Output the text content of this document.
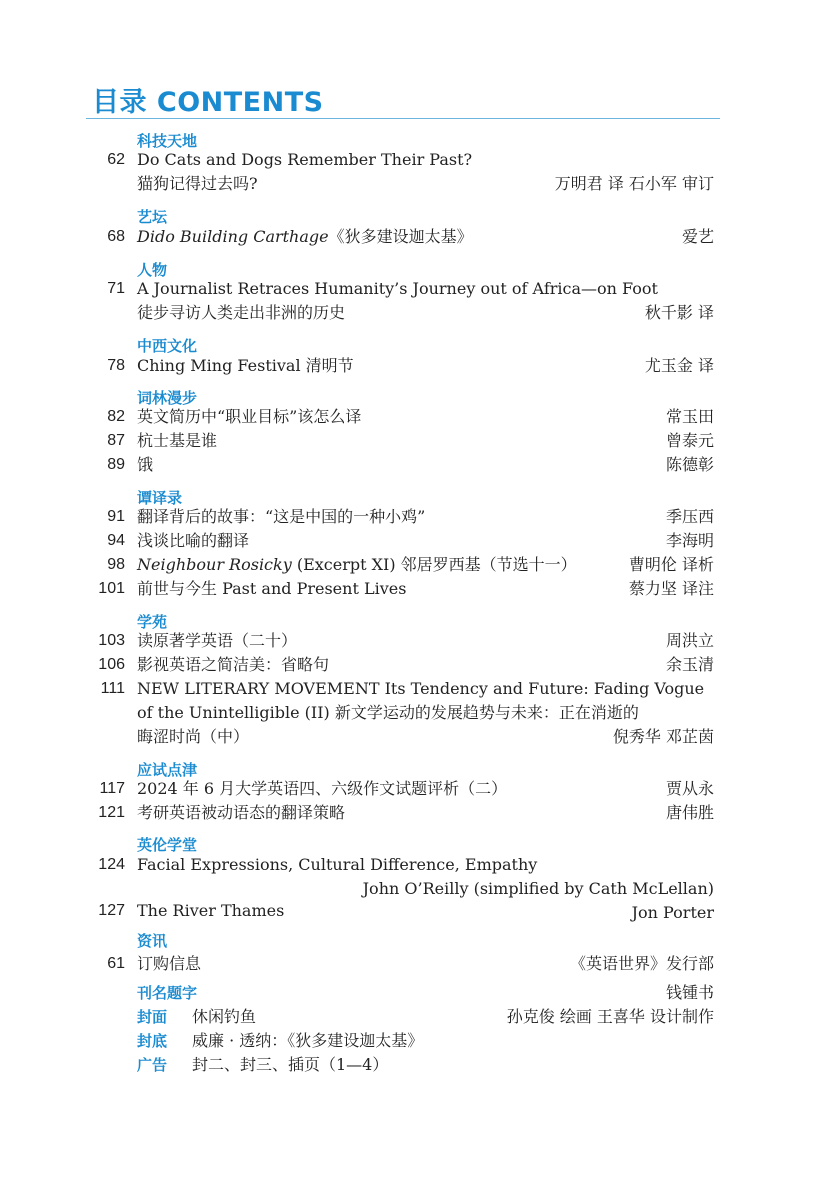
目录 CONTENTS
科技天地
62 Do Cats and Dogs Remember Their Past?
猫狗记得过去吗?	万明君 译 石小军 审订
艺坛
68 Dido Building Carthage《狄多建设迦太基》	爱艺
人物
71 A Journalist Retraces Humanity’s Journey out of Africa—on Foot
徒步寻访人类走出非洲的历史	秋千影 译
中西文化
78 Ching Ming Festival 清明节	尤玉金 译
词林漫步
82 英文简历中“职业目标”该怎么译	常玉田
87 杭士基是谁	曾泰元
89 饿	陈德彰
谭译录
91 翻译背后的故事：“这是中国的一种小鸡”	季压西
94 浅谈比喻的翻译	李海明
98 Neighbour Rosicky (Excerpt XI) 邻居罗西基（节选十一）	曹明伦 译析
101 前世与今生 Past and Present Lives	蔡力坚 译注
学苑
103 读原著学英语（二十）	周洪立
106 影视英语之简洁美：省略句	余玉清
111 NEW LITERARY MOVEMENT Its Tendency and Future: Fading Vogue
of the Unintelligible (II) 新文学运动的发展趋势与未来：正在消逝的
晦涩时尚（中）	倪秀华 邓芷茵
应试点津
117 2024 年 6 月大学英语四、六级作文试题评析（二）	贾从永
121 考研英语被动语态的翻译策略	唐伟胜
英伦学堂
124 Facial Expressions, Cultural Difference, Empathy
John O’Reilly (simplified by Cath McLellan)
127 The River Thames	Jon Porter
资讯
61 订购信息	《英语世界》发行部
刊名题字	钱锺书
封面 休闲钓鱼	孙克俊 绘画 王喜华 设计制作
封底 威廉 · 透纳：《狄多建设迦太基》
广告 封二、封三、插页（1—4）
